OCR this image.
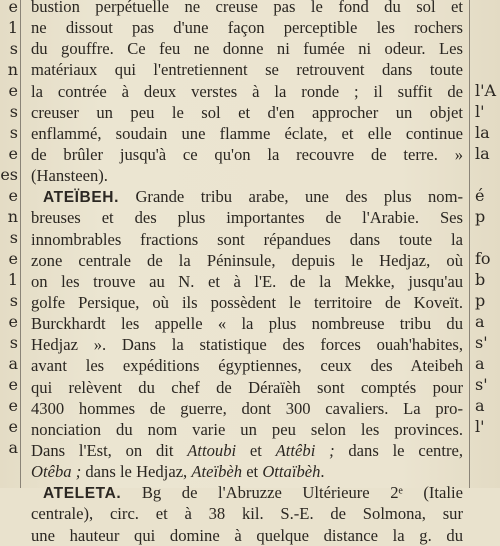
e
1
s
n
e
s
s
e
es
e
n
s
e
1
s
e
s
a
e
e
e
a
bustion perpétuelle ne creuse pas le fond du sol et
ne dissout pas d'une façon perceptible les rochers
du gouffre. Ce feu ne donne ni fumée ni odeur. Les
matériaux qui l'entretiennent se retrouvent dans toute
la contrée à deux verstes à la ronde ; il suffit de
creuser un peu le sol et d'en approcher un objet
enflammé, soudain une flamme éclate, et elle continue
de brûler jusqu'à ce qu'on la recouvre de terre. »
(Hansteen).
ATEÏBEH. Grande tribu arabe, une des plus nom-
breuses et des plus importantes de l'Arabie. Ses
innombrables fractions sont répandues dans toute la
zone centrale de la Péninsule, depuis le Hedjaz, où
on les trouve au N. et à l'E. de la Mekke, jusqu'au
golfe Persique, où ils possèdent le territoire de Koveït.
Burckhardt les appelle « la plus nombreuse tribu du
Hedjaz ». Dans la statistique des forces ouah'habites,
avant les expéditions égyptiennes, ceux des Ateibeh
qui relèvent du chef de Déraïèh sont comptés pour
4300 hommes de guerre, dont 300 cavaliers. La pro-
nonciation du nom varie un peu selon les provinces.
Dans l'Est, on dit Attoubi et Attêbi ; dans le centre,
Otêba ; dans le Hedjaz, Ateïbèh et Ottaïbèh.
ATELETA. Bg de l'Abruzze Ultérieure 2ᵉ (Italie
centrale), circ. et à 38 kil. S.-E. de Solmona, sur
une hauteur qui domine à quelque distance la g. du
l'A
l'
la
la
é
p
fo
b
p
a
s'
a
s'
a
l'
